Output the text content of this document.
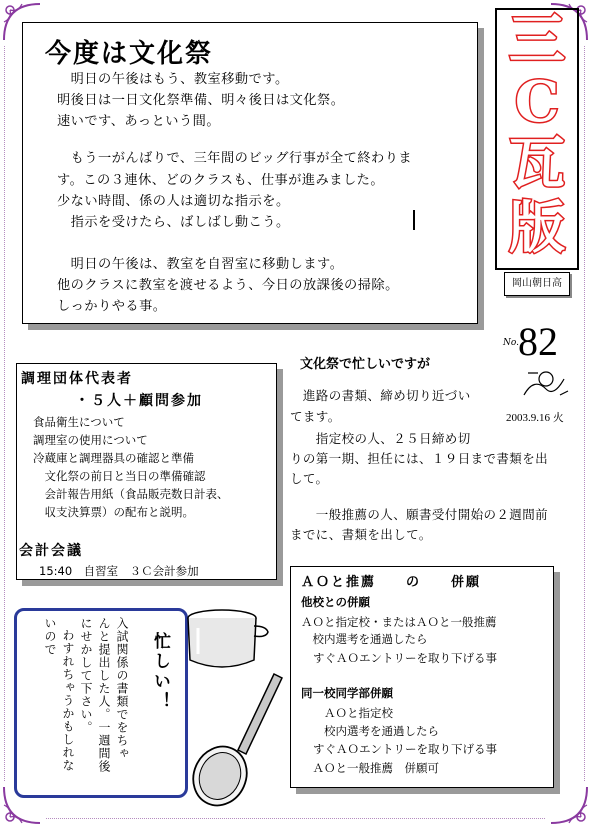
今度は文化祭
　明日の午後はもう、教室移動です。
明後日は一日文化祭準備、明々後日は文化祭。
速いです、あっという間。
　もう一がんばりで、三年間のビッグ行事が全て終わりま
す。この３連休、どのクラスも、仕事が進みました。
少ない時間、係の人は適切な指示を。
　指示を受けたら、ばしばし動こう。
　明日の午後は、教室を自習室に移動します。
他のクラスに教室を渡せるよう、今日の放課後の掃除。
しっかりやる事。
三
C
瓦
版
岡山朝日高
No. 82
2003.9.16 火
文化祭で忙しいですが
　進路の書類、締め切り近づい
てます。
　　指定校の人、２５日締め切
りの第一期、担任には、１９日まで書類を出
して。
　　一般推薦の人、願書受付開始の２週間前
までに、書類を出して。
調理団体代表者
・５人＋顧問参加
食品衛生について
調理室の使用について
冷蔵庫と調理器具の確認と準備
　文化祭の前日と当日の準備確認
　会計報告用紙（食品販売数日計表、
　収支決算票）の配布と説明。
会計会議
15:40　自習室　３Ｃ会計参加
ＡＯと推薦　　の　　併願
他校との併願
ＡＯと指定校・またはＡＯと一般推薦
　校内選考を通過したら
すぐＡＯエントリーを取り下げる事
同一校同学部併願
　　ＡＯと指定校
　　校内選考を通過したら
すぐＡＯエントリーを取り下げる事
　ＡＯと一般推薦　併願可
入試関係の書類でをちゃ
んと提出した人。一週間後
にせかして下さい。
わすれちゃうかもしれな
いので	忙しい！
